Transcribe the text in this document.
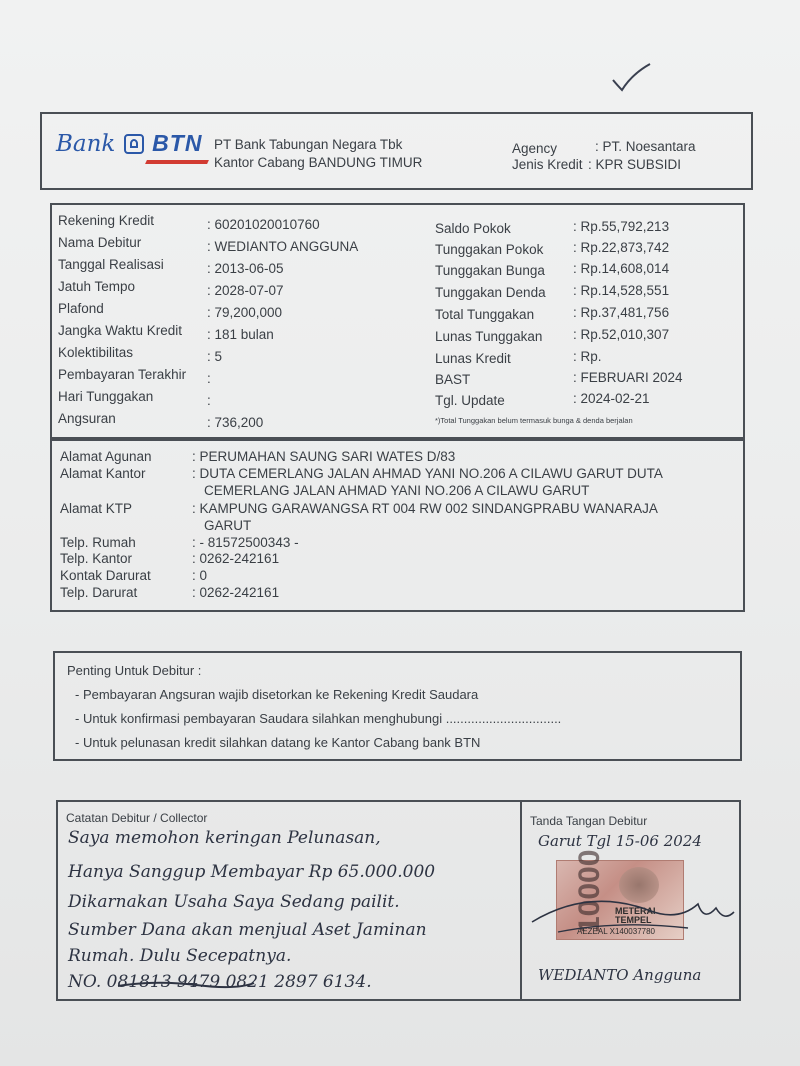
Bank BTN PT Bank Tabungan Negara Tbk
Kantor Cabang BANDUNG TIMUR
Agency	: PT. Noesantara
Jenis Kredit : KPR SUBSIDI
Rekening Kredit	: 60201020010760
Nama Debitur	: WEDIANTO ANGGUNA
Tanggal Realisasi	: 2013-06-05
Jatuh Tempo	: 2028-07-07
Plafond	: 79,200,000
Jangka Waktu Kredit : 181 bulan
Kolektibilitas	: 5
Pembayaran Terakhir :
Hari Tunggakan	:
Angsuran	: 736,200
Saldo Pokok	: Rp.55,792,213
Tunggakan Pokok : Rp.22,873,742
Tunggakan Bunga : Rp.14,608,014
Tunggakan Denda : Rp.14,528,551
Total Tunggakan	: Rp.37,481,756
Lunas Tunggakan : Rp.52,010,307
Lunas Kredit	: Rp.
BAST	: FEBRUARI 2024
Tgl. Update	: 2024-02-21
*)Total Tunggakan belum termasuk bunga & denda berjalan
Alamat Agunan	: PERUMAHAN SAUNG SARI WATES D/83
Alamat Kantor	: DUTA CEMERLANG JALAN AHMAD YANI NO.206 A CILAWU GARUT DUTA
CEMERLANG JALAN AHMAD YANI NO.206 A CILAWU GARUT
Alamat KTP	: KAMPUNG GARAWANGSA RT 004 RW 002 SINDANGPRABU WANARAJA
GARUT
Telp. Rumah	: - 81572500343 -
Telp. Kantor	: 0262-242161
Kontak Darurat	: 0
Telp. Darurat	: 0262-242161
Penting Untuk Debitur :
- Pembayaran Angsuran wajib disetorkan ke Rekening Kredit Saudara
- Untuk konfirmasi pembayaran Saudara silahkan menghubungi ................................
- Untuk pelunasan kredit silahkan datang ke Kantor Cabang bank BTN
Catatan Debitur / Collector	Tanda Tangan Debitur
Saya memohon keringan Pelunasan,
Hanya Sanggup Membayar Rp 65.000.000
Dikarnakan Usaha Saya Sedang pailit.
Sumber Dana akan menjual Aset Jaminan
Rumah. Dulu Secepatnya.
NO. 081813 9479 0821 2897 6134.
Garut Tgl 15-06 2024
10000 METERAI
TEMPEL
AEZEAL X140037780
WEDIANTO Angguna
